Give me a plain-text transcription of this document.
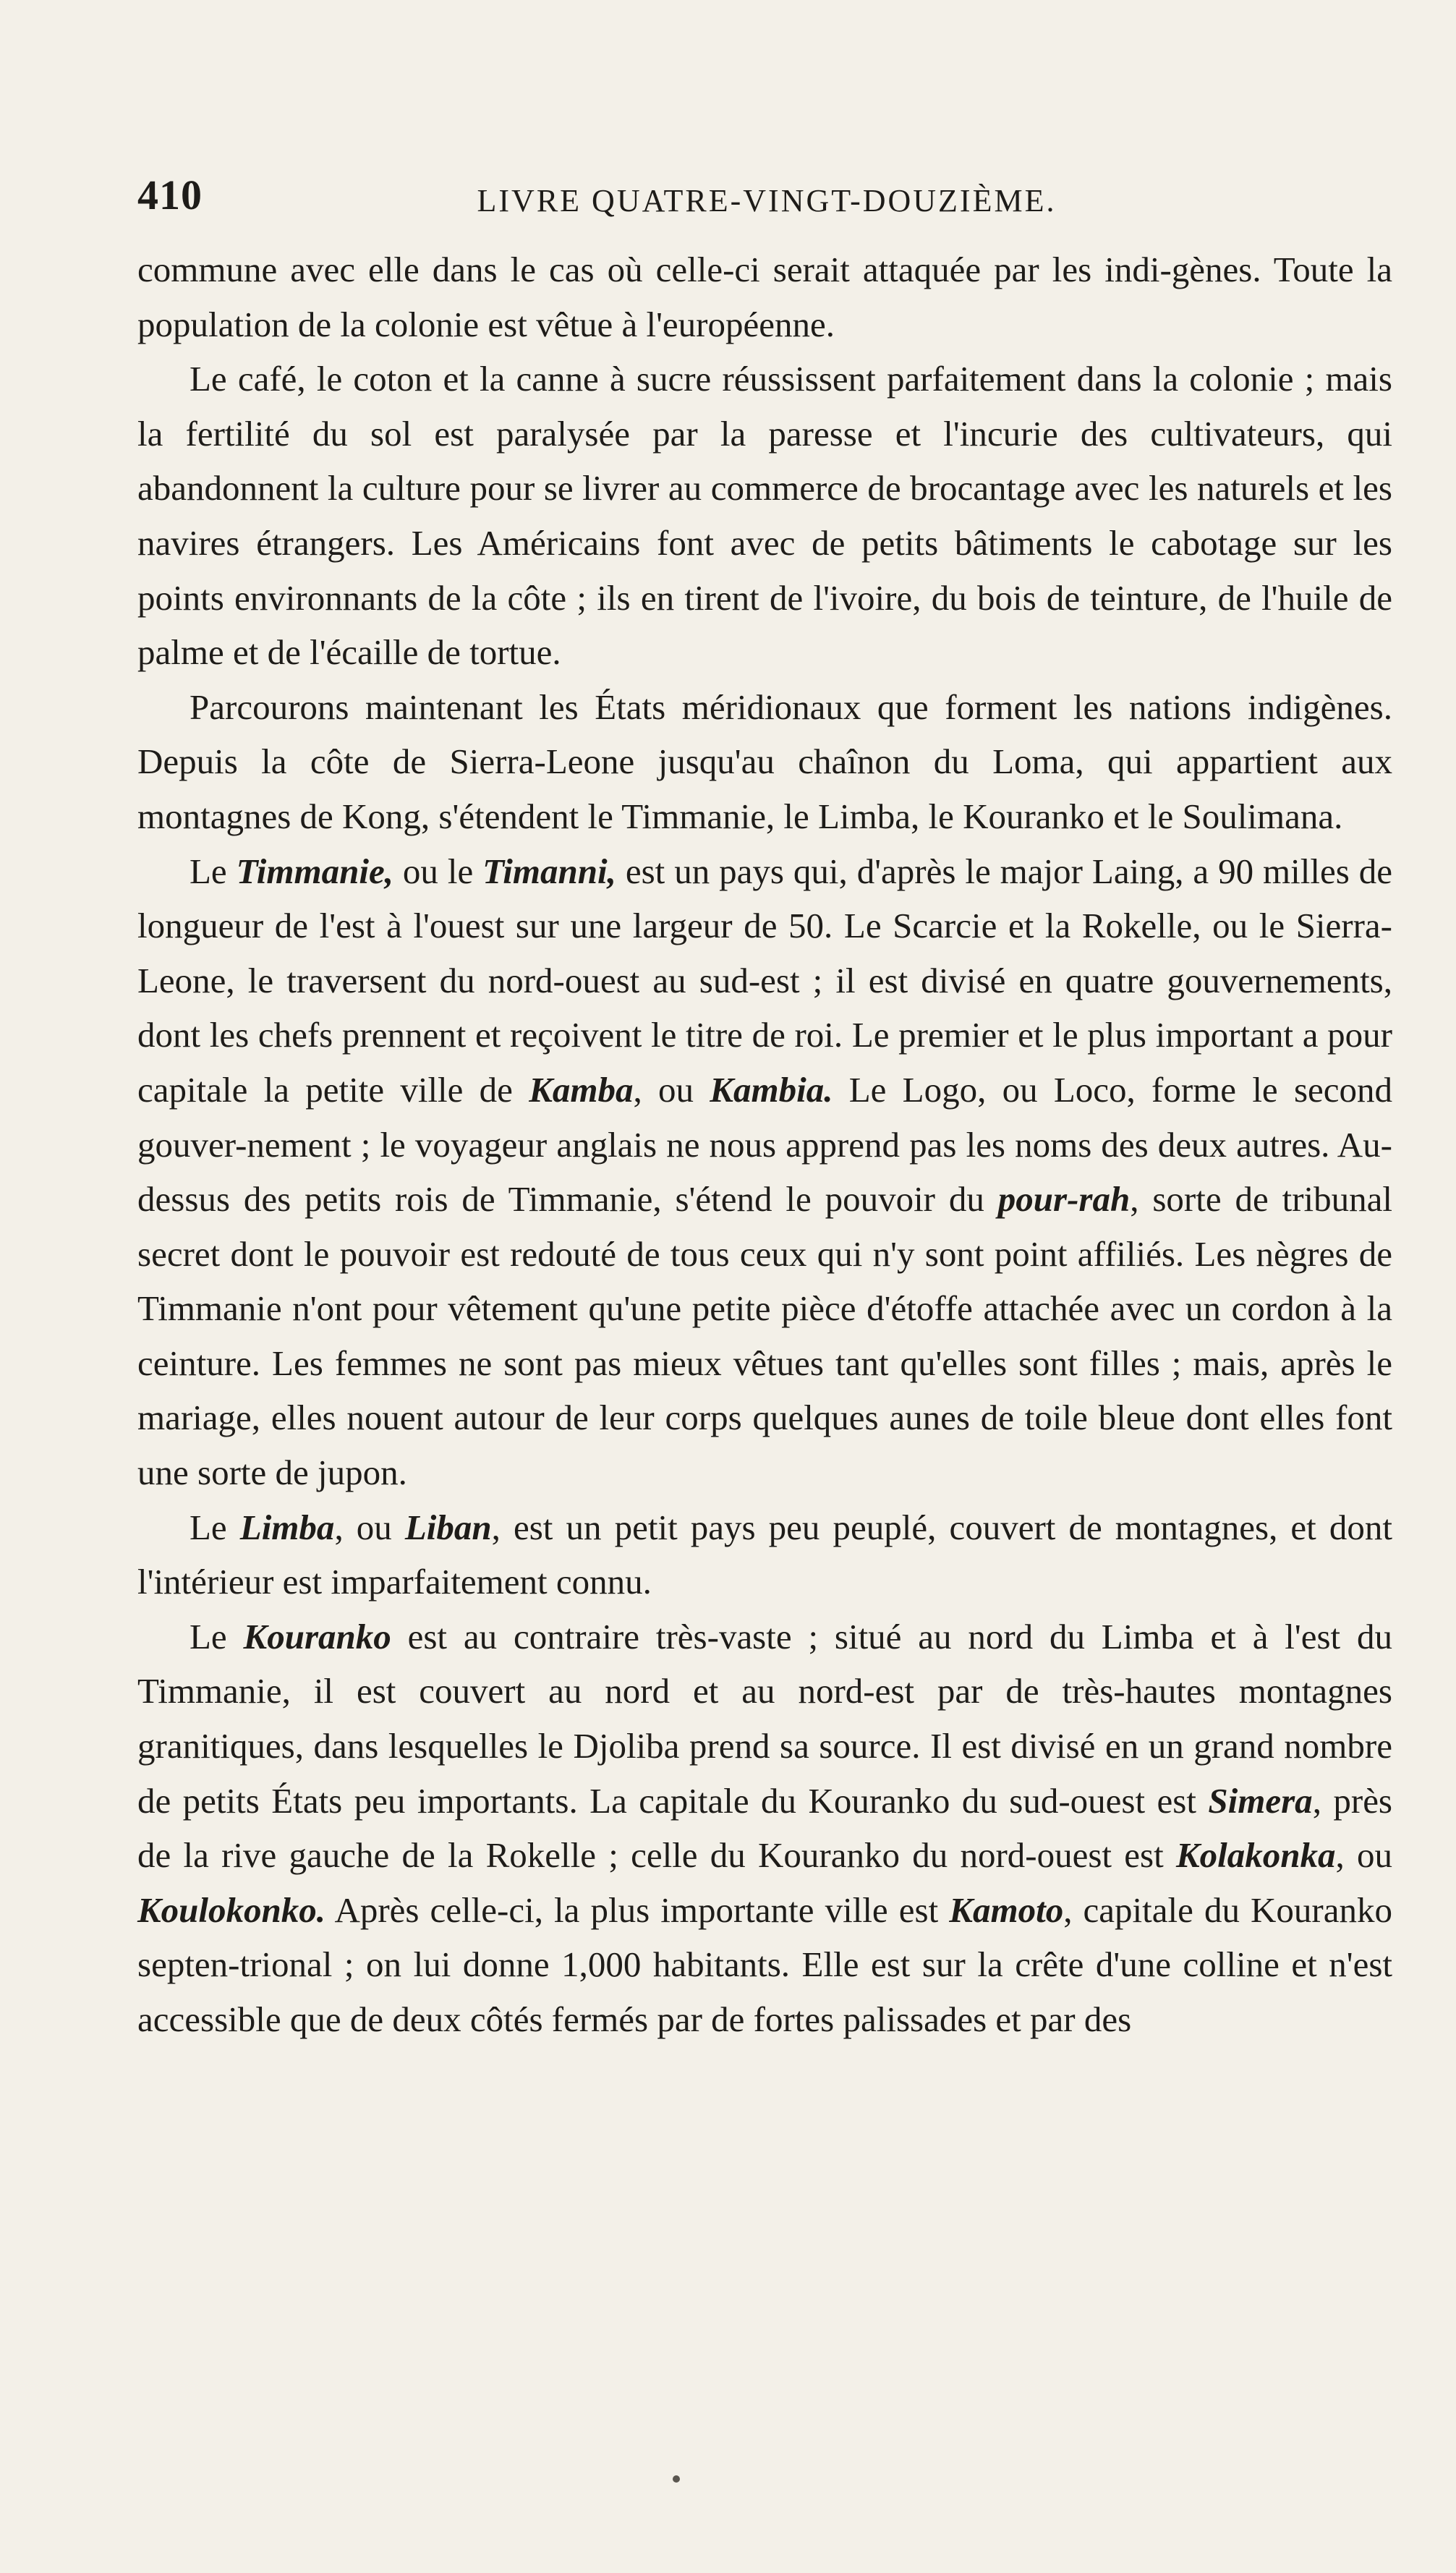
410	LIVRE QUATRE-VINGT-DOUZIÈME.

commune avec elle dans le cas où celle-ci serait attaquée par les indi-gènes. Toute la population de la colonie est vêtue à l'européenne.

Le café, le coton et la canne à sucre réussissent parfaitement dans la colonie ; mais la fertilité du sol est paralysée par la paresse et l'incurie des cultivateurs, qui abandonnent la culture pour se livrer au commerce de brocantage avec les naturels et les navires étrangers. Les Américains font avec de petits bâtiments le cabotage sur les points environnants de la côte ; ils en tirent de l'ivoire, du bois de teinture, de l'huile de palme et de l'écaille de tortue.

Parcourons maintenant les États méridionaux que forment les nations indigènes. Depuis la côte de Sierra-Leone jusqu'au chaînon du Loma, qui appartient aux montagnes de Kong, s'étendent le Timmanie, le Limba, le Kouranko et le Soulimana.

Le Timmanie, ou le Timanni, est un pays qui, d'après le major Laing, a 90 milles de longueur de l'est à l'ouest sur une largeur de 50. Le Scarcie et la Rokelle, ou le Sierra-Leone, le traversent du nord-ouest au sud-est ; il est divisé en quatre gouvernements, dont les chefs prennent et reçoivent le titre de roi. Le premier et le plus important a pour capitale la petite ville de Kamba, ou Kambia. Le Logo, ou Loco, forme le second gouver-nement ; le voyageur anglais ne nous apprend pas les noms des deux autres. Au-dessus des petits rois de Timmanie, s'étend le pouvoir du pour-rah, sorte de tribunal secret dont le pouvoir est redouté de tous ceux qui n'y sont point affiliés. Les nègres de Timmanie n'ont pour vêtement qu'une petite pièce d'étoffe attachée avec un cordon à la ceinture. Les femmes ne sont pas mieux vêtues tant qu'elles sont filles ; mais, après le mariage, elles nouent autour de leur corps quelques aunes de toile bleue dont elles font une sorte de jupon.

Le Limba, ou Liban, est un petit pays peu peuplé, couvert de montagnes, et dont l'intérieur est imparfaitement connu.

Le Kouranko est au contraire très-vaste ; situé au nord du Limba et à l'est du Timmanie, il est couvert au nord et au nord-est par de très-hautes montagnes granitiques, dans lesquelles le Djoliba prend sa source. Il est divisé en un grand nombre de petits États peu importants. La capitale du Kouranko du sud-ouest est Simera, près de la rive gauche de la Rokelle ; celle du Kouranko du nord-ouest est Kolakonka, ou Koulokonko. Après celle-ci, la plus importante ville est Kamoto, capitale du Kouranko septen-trional ; on lui donne 1,000 habitants. Elle est sur la crête d'une colline et n'est accessible que de deux côtés fermés par de fortes palissades et par des
